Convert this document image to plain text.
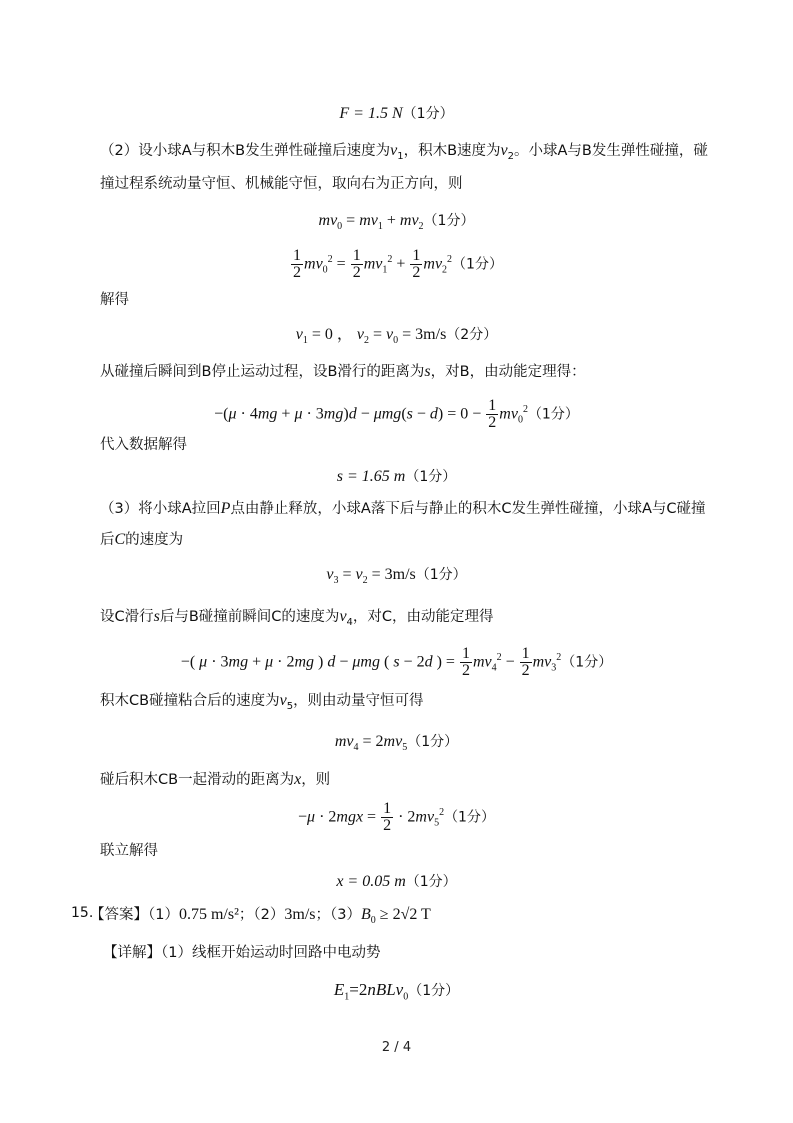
F = 1.5 N（1分）
（2）设小球A与积木B发生弹性碰撞后速度为$v_1$，积木B速度为$v_2$。小球A与B发生弹性碰撞，碰
撞过程系统动量守恒、机械能守恒，取向右为正方向，则
$mv_0 = mv_1 + mv_2(1$分）
$\frac{1}{2} mv_0^2 = \frac{1}{2} mv_1^2 + \frac{1}{2} mv_2^2(1$分）
解得
$v_1 = 0$ ， $v_2 = v_0 = 3m/s(2$分）
从碰撞后瞬间到B停止运动过程，设B滑行的距离为s，对B，由动能定理得：
$-(\mu \cdot 4mg + \mu \cdot 3mg)d - \mu mg(s - d) = 0 - \frac{1}{2} mv_0^2(1$分）
代入数据解得
s = 1.65 m（1分）
（3）将小球A拉回P点由静止释放，小球A落下后与静止的积木C发生弹性碰撞，小球A与C碰撞
后C的速度为
$v_3 = v_2 = 3m/s(1$分）
设C滑行s后与B碰撞前瞬间C的速度为$v_4$，对C，由动能定理得
−( μ · 3mg + μ · 2mg ) d − μmg ( s − 2d ) = $\frac{1}{2} mv_4^2 - \frac{1}{2} mv_3^2(1$分）
积木CB碰撞粘合后的速度为$v_5$，则由动量守恒可得
$mv_4 = 2mv_5(1$分）
碰后积木CB一起滑动的距离为x，则
$-\mu \cdot 2mgx = \frac{1}{2} \cdot 2mv_5^2(1$分）
联立解得
x = 0.05 m（1分）
15.
【答案】（1）0.75 m/s²；（2）3m/s；$(3)B_0 \ge 2√2$ T
【详解】（1）线框开始运动时回路中电动势
$E_1=2nBLv_0(1$分）
2 / 4
